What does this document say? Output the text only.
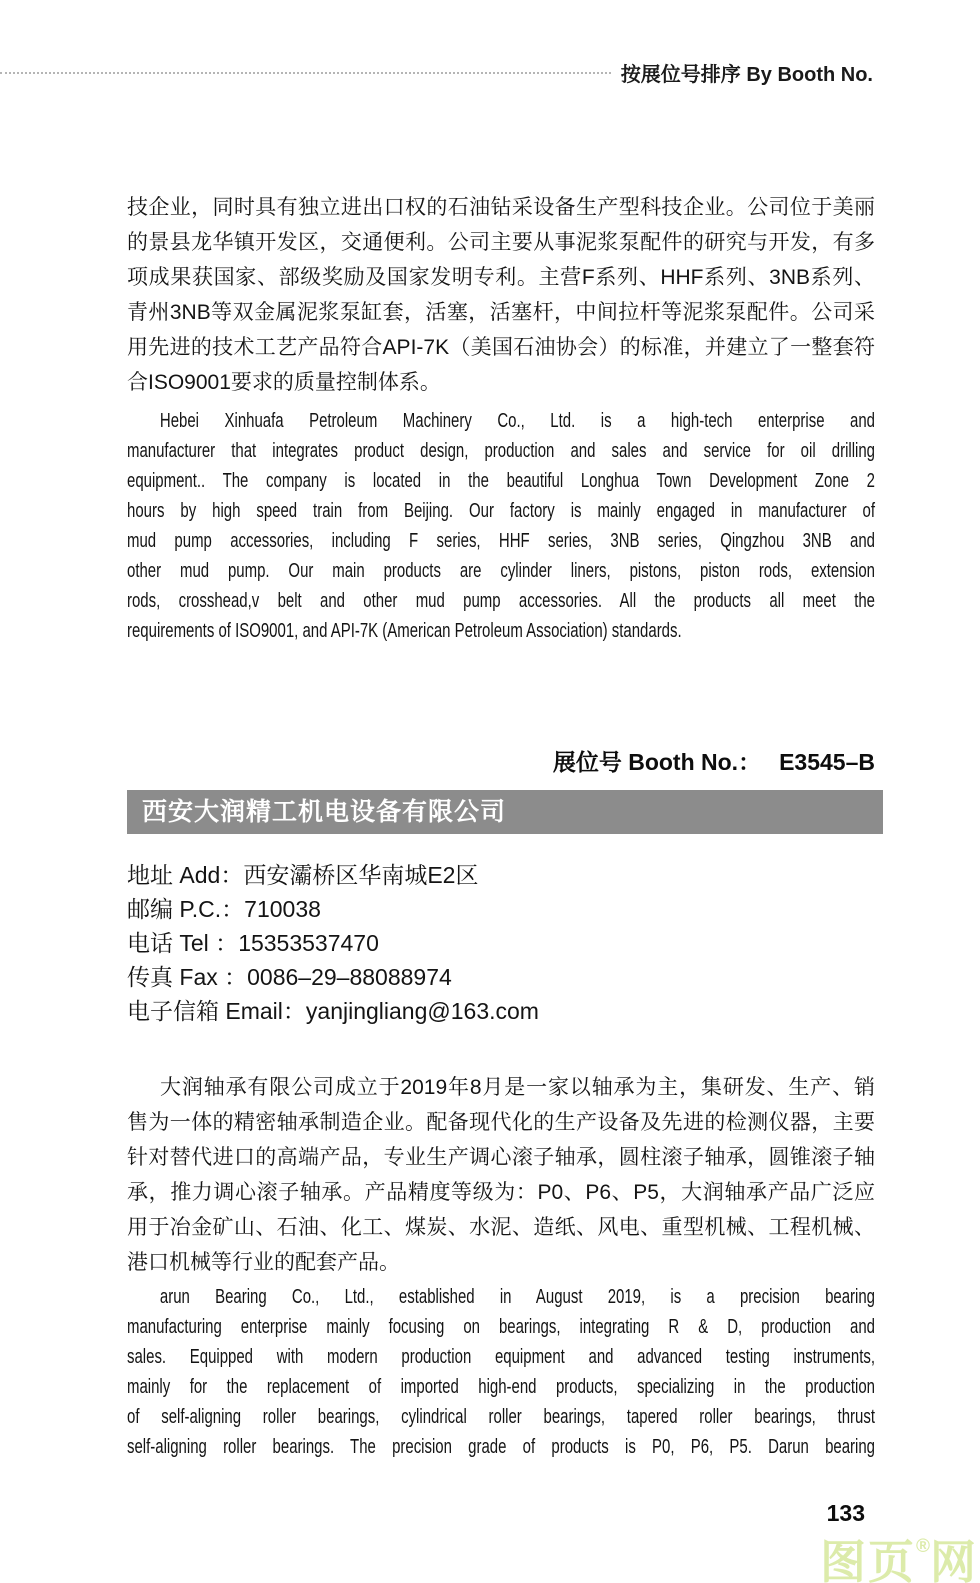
按展位号排序 By Booth No.
技企业，同时具有独立进出口权的石油钻采设备生产型科技企业。公司位于美丽
的景县龙华镇开发区，交通便利。公司主要从事泥浆泵配件的研究与开发，有多
项成果获国家、部级奖励及国家发明专利。主营F系列、HHF系列、3NB系列、
青州3NB等双金属泥浆泵缸套，活塞，活塞杆，中间拉杆等泥浆泵配件。公司采
用先进的技术工艺产品符合API-7K（美国石油协会）的标准，并建立了一整套符
合ISO9001要求的质量控制体系。
Hebei Xinhuafa Petroleum Machinery Co., Ltd. is a high-tech enterprise and
manufacturer that integrates product design, production and sales and service for oil drilling
equipment.. The company is located in the beautiful Longhua Town Development Zone 2
hours by high speed train from Beijing. Our factory is mainly engaged in manufacturer of
mud pump accessories, including F series, HHF series, 3NB series, Qingzhou 3NB and
other mud pump. Our main products are cylinder liners, pistons, piston rods, extension
rods, crosshead,v belt and other mud pump accessories. All the products all meet the
requirements of ISO9001, and API-7K (American Petroleum Association) standards.
展位号 Booth No.： E3545–B
西安大润精工机电设备有限公司
地址 Add：西安灞桥区华南城E2区
邮编 P.C.：710038
电话 Tel ：15353537470
传真 Fax ：0086–29–88088974
电子信箱 Email：yanjingliang@163.com
大润轴承有限公司成立于2019年8月是一家以轴承为主，集研发、生产、销
售为一体的精密轴承制造企业。配备现代化的生产设备及先进的检测仪器，主要
针对替代进口的高端产品，专业生产调心滚子轴承，圆柱滚子轴承，圆锥滚子轴
承，推力调心滚子轴承。产品精度等级为：P0、P6、P5，大润轴承产品广泛应
用于冶金矿山、石油、化工、煤炭、水泥、造纸、风电、重型机械、工程机械、
港口机械等行业的配套产品。
arun Bearing Co., Ltd., established in August 2019, is a precision bearing
manufacturing enterprise mainly focusing on bearings, integrating R & D, production and
sales. Equipped with modern production equipment and advanced testing instruments,
mainly for the replacement of imported high-end products, specializing in the production
of self-aligning roller bearings, cylindrical roller bearings, tapered roller bearings, thrust
self-aligning roller bearings. The precision grade of products is P0, P6, P5. Darun bearing
133
图页®网
